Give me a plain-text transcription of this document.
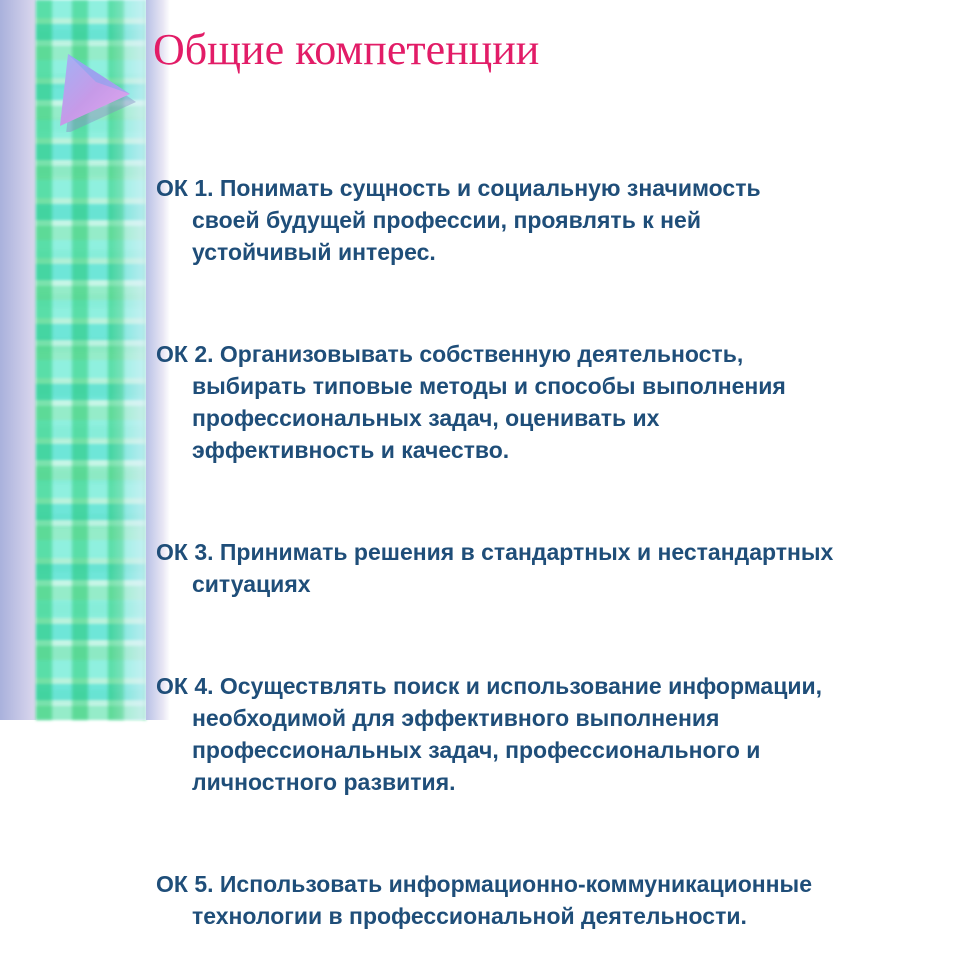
Общие компетенции

ОК 1. Понимать сущность и социальную значимость

своей будущей профессии, проявлять к ней
устойчивый интерес.

ОК 2. Организовывать собственную деятельность,

выбирать типовые методы и способы выполнения
профессиональных задач, оценивать их
эффективность и качество.

ОК 3. Принимать решения в стандартных и нестандартных

ситуациях

ОК 4. Осуществлять поиск и использование информации,

необходимой для эффективного выполнения
профессиональных задач, профессионального и
личностного развития.

ОК 5. Использовать информационно-коммуникационные

технологии в профессиональной деятельности.
